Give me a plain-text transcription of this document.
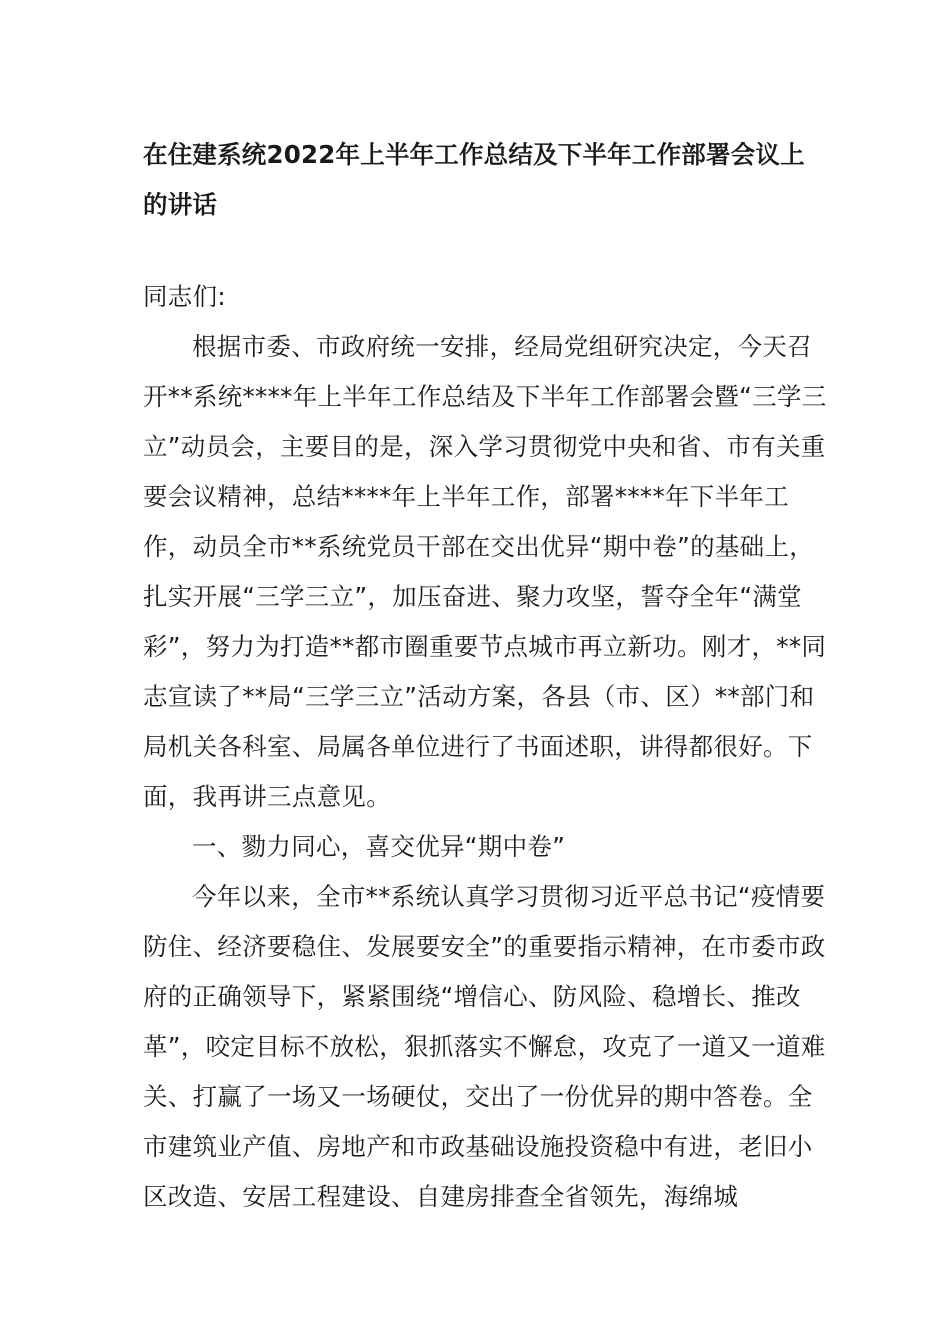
在住建系统2022年上半年工作总结及下半年工作部署会议上的讲话

同志们:

根据市委、市政府统一安排，经局党组研究决定，今天召开**系统****年上半年工作总结及下半年工作部署会暨“三学三立”动员会，主要目的是，深入学习贯彻党中央和省、市有关重要会议精神，总结****年上半年工作，部署****年下半年工作，动员全市**系统党员干部在交出优异“期中卷”的基础上，扎实开展“三学三立”，加压奋进、聚力攻坚，誓夺全年“满堂彩”，努力为打造**都市圈重要节点城市再立新功。刚才，**同志宣读了**局“三学三立”活动方案，各县（市、区）**部门和局机关各科室、局属各单位进行了书面述职，讲得都很好。下面，我再讲三点意见。

一、勠力同心，喜交优异“期中卷”

今年以来，全市**系统认真学习贯彻习近平总书记“疫情要防住、经济要稳住、发展要安全”的重要指示精神，在市委市政府的正确领导下，紧紧围绕“增信心、防风险、稳增长、推改革”，咬定目标不放松，狠抓落实不懈怠，攻克了一道又一道难关、打赢了一场又一场硬仗，交出了一份优异的期中答卷。全市建筑业产值、房地产和市政基础设施投资稳中有进，老旧小区改造、安居工程建设、自建房排查全省领先，海绵城
